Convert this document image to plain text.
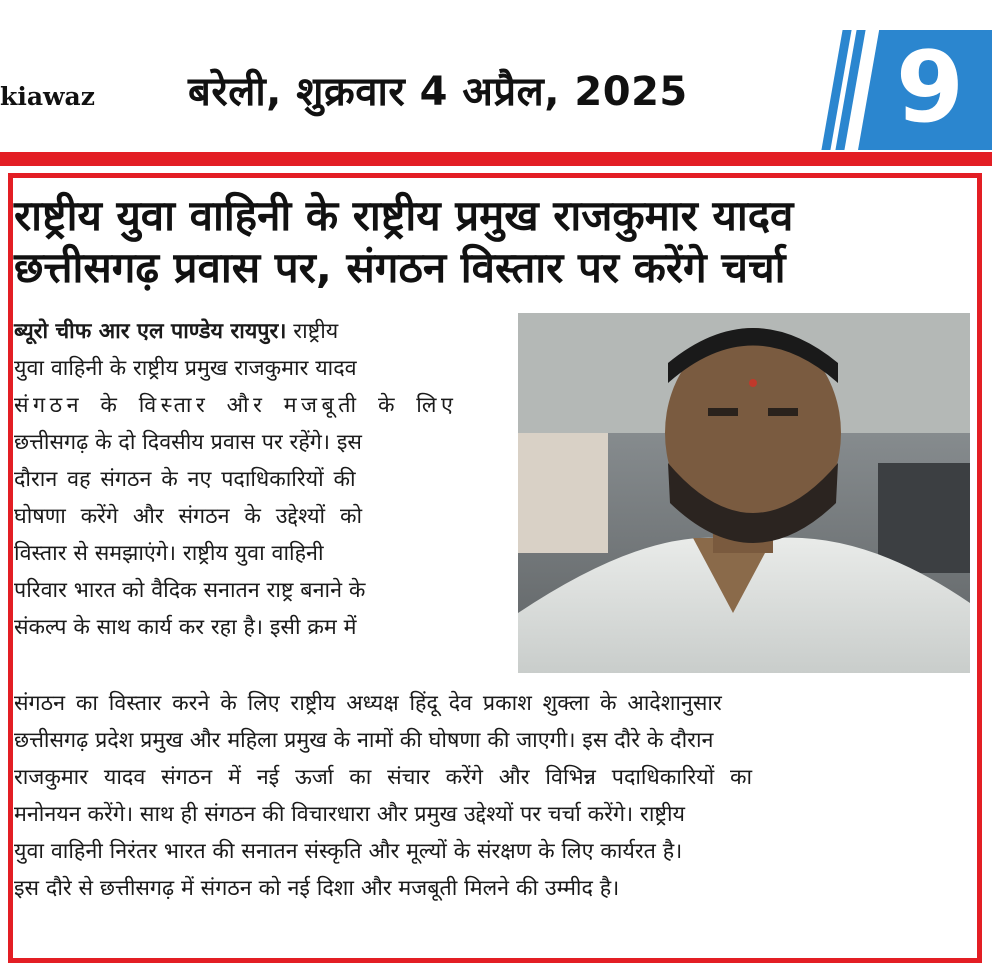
kiawaz बरेली, शुक्रवार 4 अप्रैल, 2025 9
राष्ट्रीय युवा वाहिनी के राष्ट्रीय प्रमुख राजकुमार यादव
छत्तीसगढ़ प्रवास पर, संगठन विस्तार पर करेंगे चर्चा
ब्यूरो चीफ आर एल पाण्डेय रायपुर। राष्ट्रीय
युवा वाहिनी के राष्ट्रीय प्रमुख राजकुमार यादव
संगठन के विस्तार और मजबूती के लिए
छत्तीसगढ़ के दो दिवसीय प्रवास पर रहेंगे। इस
दौरान वह संगठन के नए पदाधिकारियों की
घोषणा करेंगे और संगठन के उद्देश्यों को
विस्तार से समझाएंगे। राष्ट्रीय युवा वाहिनी
परिवार भारत को वैदिक सनातन राष्ट्र बनाने के
संकल्प के साथ कार्य कर रहा है। इसी क्रम में
संगठन का विस्तार करने के लिए राष्ट्रीय अध्यक्ष हिंदू देव प्रकाश शुक्ला के आदेशानुसार
छत्तीसगढ़ प्रदेश प्रमुख और महिला प्रमुख के नामों की घोषणा की जाएगी। इस दौरे के दौरान
राजकुमार यादव संगठन में नई ऊर्जा का संचार करेंगे और विभिन्न पदाधिकारियों का
मनोनयन करेंगे। साथ ही संगठन की विचारधारा और प्रमुख उद्देश्यों पर चर्चा करेंगे। राष्ट्रीय
युवा वाहिनी निरंतर भारत की सनातन संस्कृति और मूल्यों के संरक्षण के लिए कार्यरत है।
इस दौरे से छत्तीसगढ़ में संगठन को नई दिशा और मजबूती मिलने की उम्मीद है।
